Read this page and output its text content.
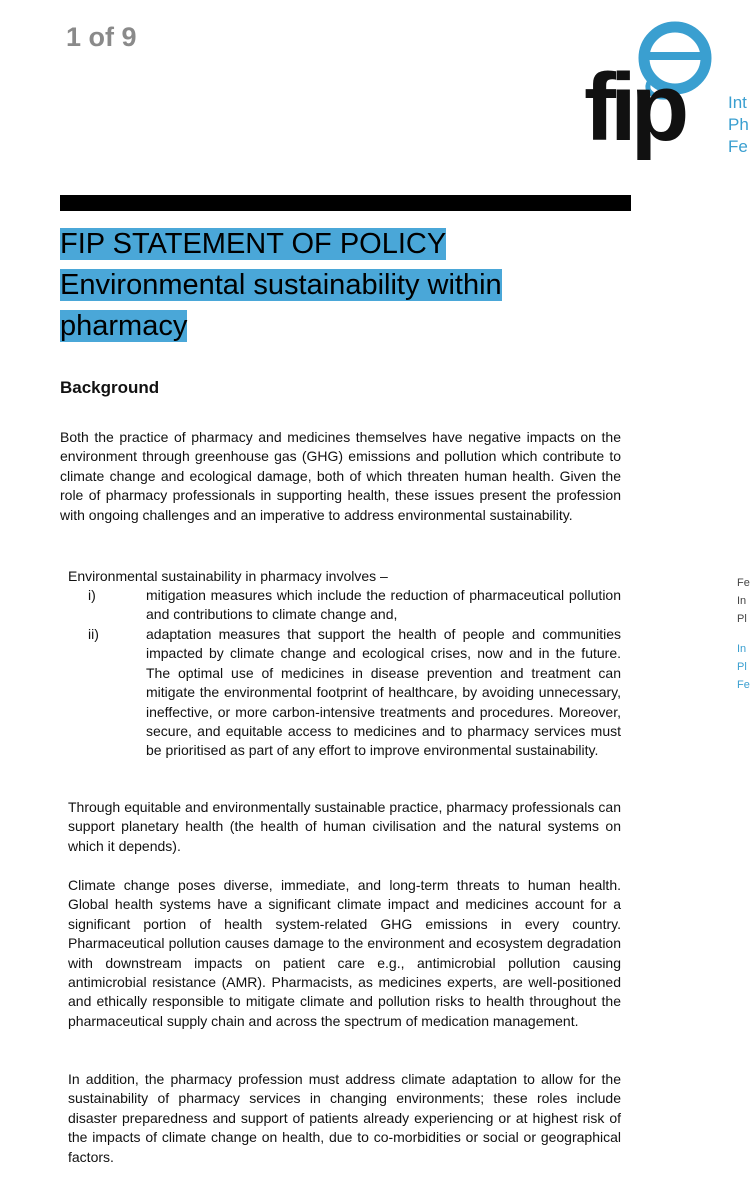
1 of 9
fip	Int
Ph
Fe
FIP STATEMENT OF POLICY
Environmental sustainability within
pharmacy
Background
Both the practice of pharmacy and medicines themselves have negative impacts on the environment through greenhouse gas (GHG) emissions and pollution which contribute to climate change and ecological damage, both of which threaten human health. Given the role of pharmacy professionals in supporting health, these issues present the profession with ongoing challenges and an imperative to address environmental sustainability.
Environmental sustainability in pharmacy involves –
i)	mitigation measures which include the reduction of pharmaceutical pollution and contributions to climate change and,
ii)	adaptation measures that support the health of people and communities impacted by climate change and ecological crises, now and in the future. The optimal use of medicines in disease prevention and treatment can mitigate the environmental footprint of healthcare, by avoiding unnecessary, ineffective, or more carbon-intensive treatments and procedures. Moreover, secure, and equitable access to medicines and to pharmacy services must be prioritised as part of any effort to improve environmental sustainability.
Through equitable and environmentally sustainable practice, pharmacy professionals can support planetary health (the health of human civilisation and the natural systems on which it depends).
Climate change poses diverse, immediate, and long-term threats to human health. Global health systems have a significant climate impact and medicines account for a significant portion of health system-related GHG emissions in every country. Pharmaceutical pollution causes damage to the environment and ecosystem degradation with downstream impacts on patient care e.g., antimicrobial pollution causing antimicrobial resistance (AMR). Pharmacists, as medicines experts, are well-positioned and ethically responsible to mitigate climate and pollution risks to health throughout the pharmaceutical supply chain and across the spectrum of medication management.
In addition, the pharmacy profession must address climate adaptation to allow for the sustainability of pharmacy services in changing environments; these roles include disaster preparedness and support of patients already experiencing or at highest risk of the impacts of climate change on health, due to co-morbidities or social or geographical factors.
Fe
In
Pl
In
Pl
Fe
